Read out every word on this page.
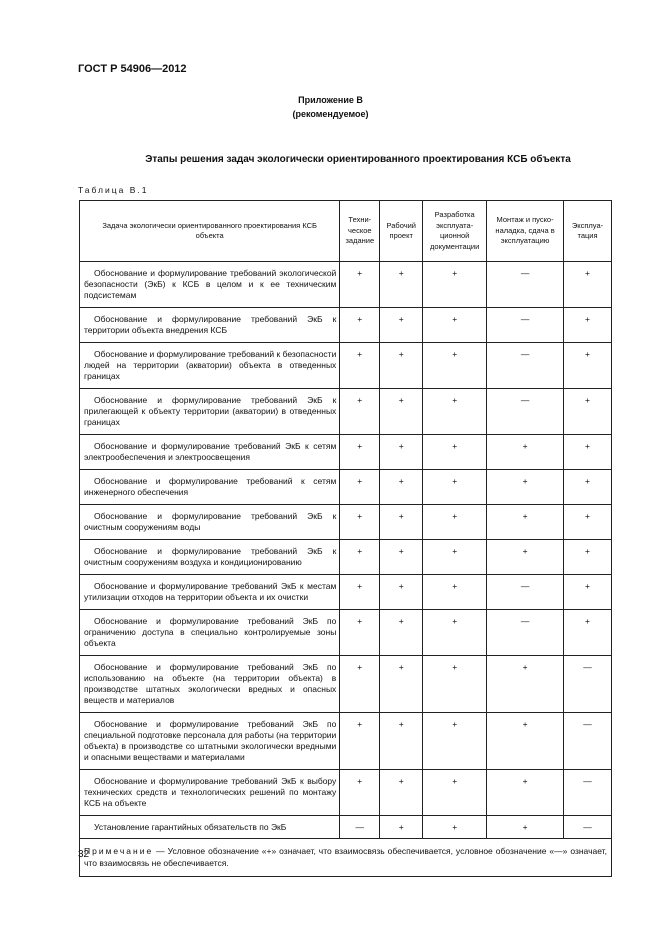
ГОСТ Р 54906—2012
Приложение В
(рекомендуемое)
Этапы решения задач экологически ориентированного проектирования КСБ объекта
Таблица В.1
Задача экологически ориентированного проектирования КСБ объекта	Техни-ческое задание	Рабочий проект	Разработка эксплуата-ционной документации	Монтаж и пуско-наладка, сдача в эксплуатацию	Эксплуа-тация

Обоснование и формулирование требований экологической безопасности (ЭкБ) к КСБ в целом и к ее техническим подсистемам	+	+	+	—	+

Обоснование и формулирование требований ЭкБ к территории объекта внедрения КСБ	+	+	+	—	+

Обоснование и формулирование требований к безопасности людей на территории (акватории) объекта в отведенных границах	+	+	+	—	+

Обоснование и формулирование требований ЭкБ к прилегающей к объекту территории (акватории) в отведенных границах	+	+	+	—	+

Обоснование и формулирование требований ЭкБ к сетям электрообеспечения и электроосвещения	+	+	+	+	+

Обоснование и формулирование требований к сетям инженерного обеспечения	+	+	+	+	+

Обоснование и формулирование требований ЭкБ к очистным сооружениям воды	+	+	+	+	+

Обоснование и формулирование требований ЭкБ к очистным сооружениям воздуха и кондиционированию	+	+	+	+	+

Обоснование и формулирование требований ЭкБ к местам утилизации отходов на территории объекта и их очистки	+	+	+	—	+

Обоснование и формулирование требований ЭкБ по ограничению доступа в специально контролируемые зоны объекта	+	+	+	—	+

Обоснование и формулирование требований ЭкБ по использованию на объекте (на территории объекта) в производстве штатных экологически вредных и опасных веществ и материалов	+	+	+	+	—

Обоснование и формулирование требований ЭкБ по специальной подготовке персонала для работы (на территории объекта) в производстве со штатными экологически вредными и опасными веществами и материалами	+	+	+	+	—

Обоснование и формулирование требований ЭкБ к выбору технических средств и технологических решений по монтажу КСБ на объекте	+	+	+	+	—

Установление гарантийных обязательств по ЭкБ	—	+	+	+	—
Примечание — Условное обозначение «+» означает, что взаимосвязь обеспечивается, условное обозначение «—» означает, что взаимосвязь не обеспечивается.					
32
